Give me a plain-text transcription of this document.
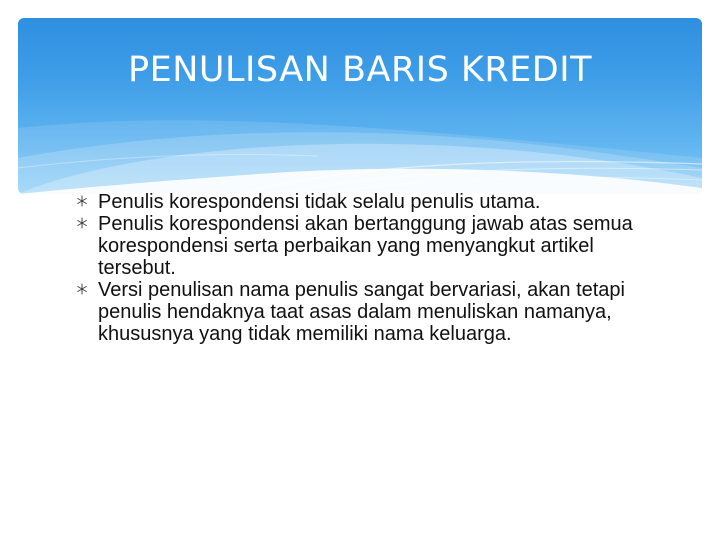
PENULISAN BARIS KREDIT
Penulis korespondensi tidak selalu penulis utama.
Penulis korespondensi akan bertanggung jawab atas semua korespondensi serta perbaikan yang menyangkut artikel tersebut.
Versi penulisan nama penulis sangat bervariasi, akan tetapi penulis hendaknya taat asas dalam menuliskan namanya, khususnya yang tidak memiliki nama keluarga.
